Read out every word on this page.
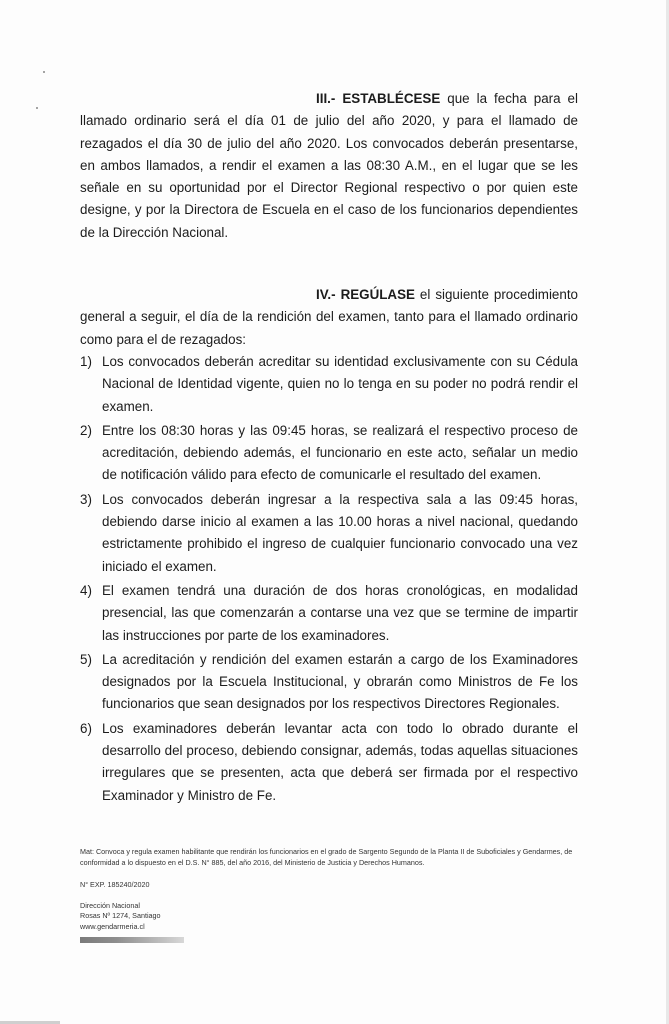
III.- ESTABLÉCESE que la fecha para el llamado ordinario será el día 01 de julio del año 2020, y para el llamado de rezagados el día 30 de julio del año 2020. Los convocados deberán presentarse, en ambos llamados, a rendir el examen a las 08:30 A.M., en el lugar que se les señale en su oportunidad por el Director Regional respectivo o por quien este designe, y por la Directora de Escuela en el caso de los funcionarios dependientes de la Dirección Nacional.

IV.- REGÚLASE el siguiente procedimiento general a seguir, el día de la rendición del examen, tanto para el llamado ordinario como para el de rezagados:

1) Los convocados deberán acreditar su identidad exclusivamente con su Cédula Nacional de Identidad vigente, quien no lo tenga en su poder no podrá rendir el examen.
2) Entre los 08:30 horas y las 09:45 horas, se realizará el respectivo proceso de acreditación, debiendo además, el funcionario en este acto, señalar un medio de notificación válido para efecto de comunicarle el resultado del examen.
3) Los convocados deberán ingresar a la respectiva sala a las 09:45 horas, debiendo darse inicio al examen a las 10.00 horas a nivel nacional, quedando estrictamente prohibido el ingreso de cualquier funcionario convocado una vez iniciado el examen.
4) El examen tendrá una duración de dos horas cronológicas, en modalidad presencial, las que comenzarán a contarse una vez que se termine de impartir las instrucciones por parte de los examinadores.
5) La acreditación y rendición del examen estarán a cargo de los Examinadores designados por la Escuela Institucional, y obrarán como Ministros de Fe los funcionarios que sean designados por los respectivos Directores Regionales.
6) Los examinadores deberán levantar acta con todo lo obrado durante el desarrollo del proceso, debiendo consignar, además, todas aquellas situaciones irregulares que se presenten, acta que deberá ser firmada por el respectivo Examinador y Ministro de Fe.
Mat: Convoca y regula examen habilitante que rendirán los funcionarios en el grado de Sargento Segundo de la Planta II de Suboficiales y Gendarmes, de conformidad a lo dispuesto en el D.S. N° 885, del año 2016, del Ministerio de Justicia y Derechos Humanos.
N° EXP. 185240/2020
Dirección Nacional
Rosas Nº 1274, Santiago
www.gendarmeria.cl
